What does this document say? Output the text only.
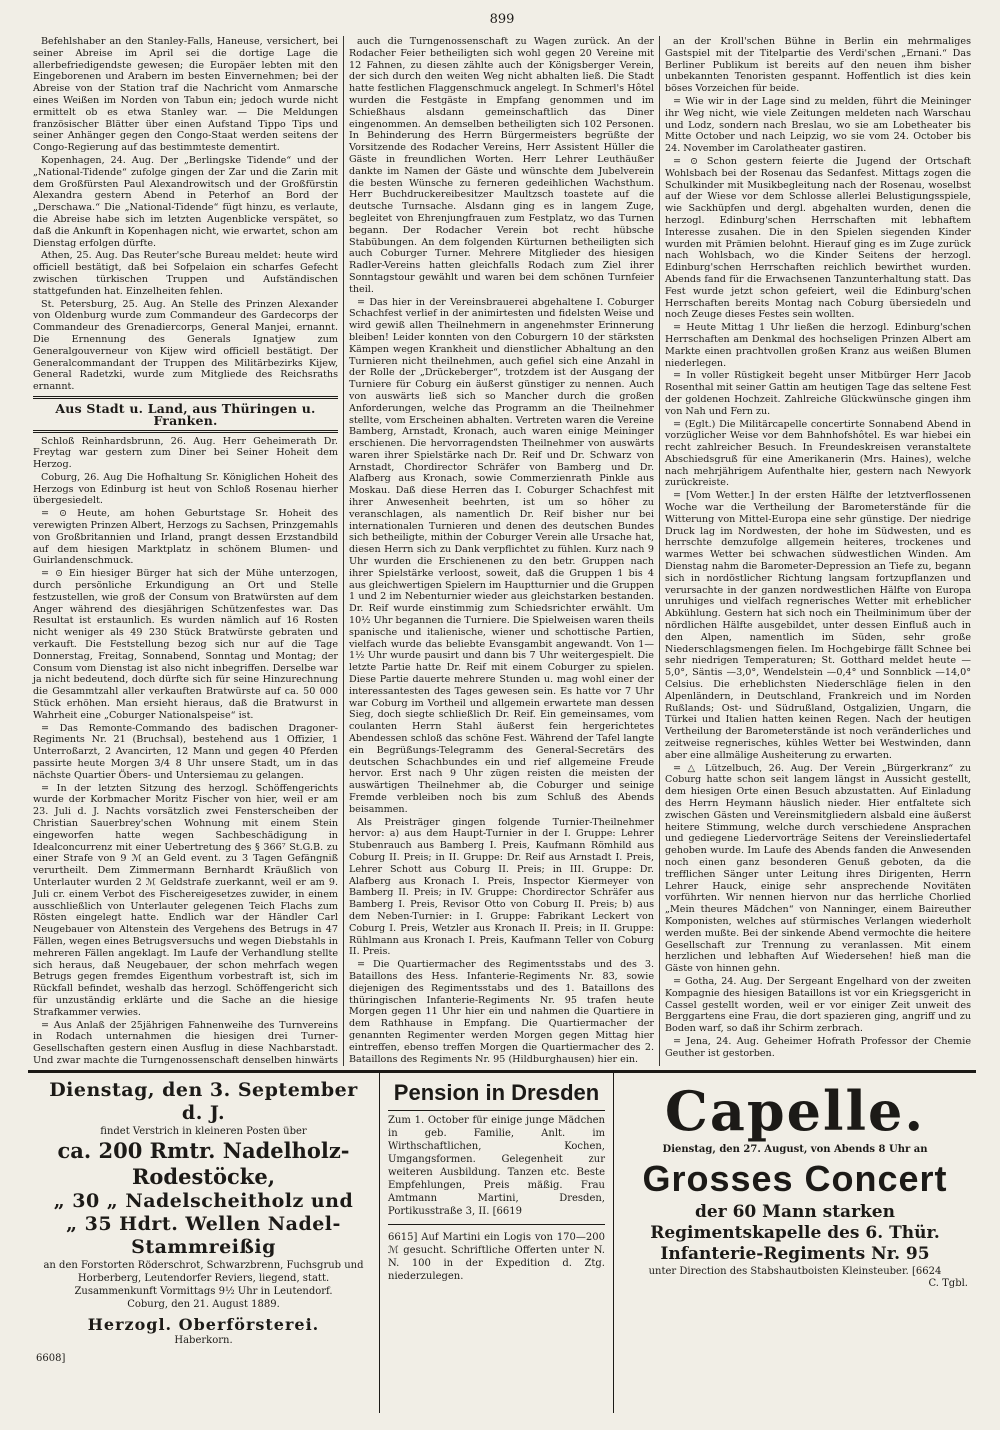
899

Befehlshaber an den Stanley-Falls, Haneuse, versichert, bei seiner Abreise im April sei die dortige Lage die allerbefriedigendste gewesen; die Europäer lebten mit den Eingeborenen und Arabern im besten Einvernehmen; bei der Abreise von der Station traf die Nachricht vom Anmarsche eines Weißen im Norden von Tabun ein; jedoch wurde nicht ermittelt ob es etwa Stanley war. — Die Meldungen französischer Blätter über einen Aufstand Tippo Tips und seiner Anhänger gegen den Congo-Staat werden seitens der Congo-Regierung auf das bestimmteste dementirt.

Kopenhagen, 24. Aug. Der „Berlingske Tidende“ und der „National-Tidende“ zufolge gingen der Zar und die Zarin mit dem Großfürsten Paul Alexandrowitsch und der Großfürstin Alexandra gestern Abend in Peterhof an Bord der „Derschawa.“ Die „National-Tidende“ fügt hinzu, es verlaute, die Abreise habe sich im letzten Augenblicke verspätet, so daß die Ankunft in Kopenhagen nicht, wie erwartet, schon am Dienstag erfolgen dürfte.

Athen, 25. Aug. Das Reuter'sche Bureau meldet: heute wird officiell bestätigt, daß bei Sofpelaion ein scharfes Gefecht zwischen türkischen Truppen und Aufständischen stattgefunden hat. Einzelheiten fehlen.

St. Petersburg, 25. Aug. An Stelle des Prinzen Alexander von Oldenburg wurde zum Commandeur des Gardecorps der Commandeur des Grenadiercorps, General Manjei, ernannt. Die Ernennung des Generals Ignatjew zum Generalgouverneur von Kijew wird officiell bestätigt. Der Generalcommandant der Truppen des Militärbezirks Kijew, General Radetzki, wurde zum Mitgliede des Reichsraths ernannt.

Aus Stadt u. Land, aus Thüringen u. Franken.

Schloß Reinhardsbrunn, 26. Aug. Herr Geheimerath Dr. Freytag war gestern zum Diner bei Seiner Hoheit dem Herzog.

Coburg, 26. Aug Die Hofhaltung Sr. Königlichen Hoheit des Herzogs von Edinburg ist heut von Schloß Rosenau hierher übergesiedelt.

= ⊙ Heute, am hohen Geburtstage Sr. Hoheit des verewigten Prinzen Albert, Herzogs zu Sachsen, Prinzgemahls von Großbritannien und Irland, prangt dessen Erzstandbild auf dem hiesigen Marktplatz in schönem Blumen- und Guirlandenschmuck.

= ⊙ Ein hiesiger Bürger hat sich der Mühe unterzogen, durch persönliche Erkundigung an Ort und Stelle festzustellen, wie groß der Consum von Bratwürsten auf dem Anger während des diesjährigen Schützenfestes war. Das Resultat ist erstaunlich. Es wurden nämlich auf 16 Rosten nicht weniger als 49 230 Stück Bratwürste gebraten und verkauft. Die Feststellung bezog sich nur auf die Tage Donnerstag, Freitag, Sonnabend, Sonntag und Montag; der Consum vom Dienstag ist also nicht inbegriffen. Derselbe war ja nicht bedeutend, doch dürfte sich für seine Hinzurechnung die Gesammtzahl aller verkauften Bratwürste auf ca. 50 000 Stück erhöhen. Man ersieht hieraus, daß die Bratwurst in Wahrheit eine „Coburger Nationalspeise“ ist.

= Das Remonte-Commando des badischen Dragoner-Regiments Nr. 21 (Bruchsal), bestehend aus 1 Offizier, 1 Unterroßarzt, 2 Avancirten, 12 Mann und gegen 40 Pferden passirte heute Morgen 3/4 8 Uhr unsere Stadt, um in das nächste Quartier Öbers- und Untersiemau zu gelangen.

= In der letzten Sitzung des herzogl. Schöffengerichts wurde der Korbmacher Moritz Fischer von hier, weil er am 23. Juli d. J. Nachts vorsätzlich zwei Fensterscheiben der Christian Sauerbrey'schen Wohnung mit einem Stein eingeworfen hatte wegen Sachbeschädigung in Idealconcurrenz mit einer Uebertretung des § 366⁷ St.G.B. zu einer Strafe von 9 ℳ an Geld event. zu 3 Tagen Gefängniß verurtheilt. Dem Zimmermann Bernhardt Kräußlich von Unterlauter wurden 2 ℳ Geldstrafe zuerkannt, weil er am 9. Juli cr. einem Verbot des Fischereigesetzes zuwider, in einem ausschließlich von Unterlauter gelegenen Teich Flachs zum Rösten eingelegt hatte. Endlich war der Händler Carl Neugebauer von Altenstein des Vergehens des Betrugs in 47 Fällen, wegen eines Betrugsversuchs und wegen Diebstahls in mehreren Fällen angeklagt. Im Laufe der Verhandlung stellte sich heraus, daß Neugebauer, der schon mehrfach wegen Betrugs gegen fremdes Eigenthum vorbestraft ist, sich im Rückfall befindet, weshalb das herzogl. Schöffengericht sich für unzuständig erklärte und die Sache an die hiesige Strafkammer verwies.

= Aus Anlaß der 25jährigen Fahnenweihe des Turnvereins in Rodach unternahmen die hiesigen drei Turner-Gesellschaften gestern einen Ausflug in diese Nachbarstadt. Und zwar machte die Turngenossenschaft denselben hinwärts

auch die Turngenossenschaft zu Wagen zurück. An der Rodacher Feier betheiligten sich wohl gegen 20 Vereine mit 12 Fahnen, zu diesen zählte auch der Königsberger Verein, der sich durch den weiten Weg nicht abhalten ließ. Die Stadt hatte festlichen Flaggenschmuck angelegt. In Schmerl's Hôtel wurden die Festgäste in Empfang genommen und im Schießhaus alsdann gemeinschaftlich das Diner eingenommen. An demselben betheiligten sich 102 Personen. In Behinderung des Herrn Bürgermeisters begrüßte der Vorsitzende des Rodacher Vereins, Herr Assistent Hüller die Gäste in freundlichen Worten. Herr Lehrer Leuthäußer dankte im Namen der Gäste und wünschte dem Jubelverein die besten Wünsche zu ferneren gedeihlichen Wachsthum. Herr Buchdruckereibesitzer Maultzsch toastete auf die deutsche Turnsache. Alsdann ging es in langem Zuge, begleitet von Ehrenjungfrauen zum Festplatz, wo das Turnen begann. Der Rodacher Verein bot recht hübsche Stabübungen. An dem folgenden Kürturnen betheiligten sich auch Coburger Turner. Mehrere Mitglieder des hiesigen Radler-Vereins hatten gleichfalls Rodach zum Ziel ihrer Sonntagstour gewählt und waren bei dem schönen Turnfeier theil.

= Das hier in der Vereinsbrauerei abgehaltene I. Coburger Schachfest verlief in der animirtesten und fidelsten Weise und wird gewiß allen Theilnehmern in angenehmster Erinnerung bleiben! Leider konnten von den Coburgern 10 der stärksten Kämpen wegen Krankheit und dienstlicher Abhaltung an den Turnieren nicht theilnehmen, auch gefiel sich eine Anzahl in der Rolle der „Drückeberger“, trotzdem ist der Ausgang der Turniere für Coburg ein äußerst günstiger zu nennen. Auch von auswärts ließ sich so Mancher durch die großen Anforderungen, welche das Programm an die Theilnehmer stellte, vom Erscheinen abhalten. Vertreten waren die Vereine Bamberg, Arnstadt, Kronach, auch waren einige Meininger erschienen. Die hervorragendsten Theilnehmer von auswärts waren ihrer Spielstärke nach Dr. Reif und Dr. Schwarz von Arnstadt, Chordirector Schräfer von Bamberg und Dr. Alafberg aus Kronach, sowie Commerzienrath Pinkle aus Moskau. Daß diese Herren das I. Coburger Schachfest mit ihrer Anwesenheit beehrten, ist um so höher zu veranschlagen, als namentlich Dr. Reif bisher nur bei internationalen Turnieren und denen des deutschen Bundes sich betheiligte, mithin der Coburger Verein alle Ursache hat, diesen Herrn sich zu Dank verpflichtet zu fühlen. Kurz nach 9 Uhr wurden die Erschienenen zu den betr. Gruppen nach ihrer Spielstärke verloost, soweit, daß die Gruppen 1 bis 4 aus gleichwertigen Spielern im Hauptturnier und die Gruppen 1 und 2 im Nebenturnier wieder aus gleichstarken bestanden. Dr. Reif wurde einstimmig zum Schiedsrichter erwählt. Um 10½ Uhr begannen die Turniere. Die Spielweisen waren theils spanische und italienische, wiener und schottische Partien, vielfach wurde das beliebte Evansgambit angewandt. Von 1—1½ Uhr wurde pausirt und dann bis 7 Uhr weitergespielt. Die letzte Partie hatte Dr. Reif mit einem Coburger zu spielen. Diese Partie dauerte mehrere Stunden u. mag wohl einer der interessantesten des Tages gewesen sein. Es hatte vor 7 Uhr war Coburg im Vortheil und allgemein erwartete man dessen Sieg, doch siegte schließlich Dr. Reif. Ein gemeinsames, vom coulanten Herrn Stahl äußerst fein hergerichtetes Abendessen schloß das schöne Fest. Während der Tafel langte ein Begrüßungs-Telegramm des General-Secretärs des deutschen Schachbundes ein und rief allgemeine Freude hervor. Erst nach 9 Uhr zügen reisten die meisten der auswärtigen Theilnehmer ab, die Coburger und seinige Fremde verbleiben noch bis zum Schluß des Abends beisammen.

Als Preisträger gingen folgende Turnier-Theilnehmer hervor: a) aus dem Haupt-Turnier in der I. Gruppe: Lehrer Stubenrauch aus Bamberg I. Preis, Kaufmann Römhild aus Coburg II. Preis; in II. Gruppe: Dr. Reif aus Arnstadt I. Preis, Lehrer Schott aus Coburg II. Preis; in III. Gruppe: Dr. Alafberg aus Kronach I. Preis, Inspector Kiermeyer von Bamberg II. Preis; in IV. Gruppe: Chordirector Schräfer aus Bamberg I. Preis, Revisor Otto von Coburg II. Preis; b) aus dem Neben-Turnier: in I. Gruppe: Fabrikant Leckert von Coburg I. Preis, Wetzler aus Kronach II. Preis; in II. Gruppe: Rühlmann aus Kronach I. Preis, Kaufmann Teller von Coburg II. Preis.

= Die Quartiermacher des Regimentsstabs und des 3. Bataillons des Hess. Infanterie-Regiments Nr. 83, sowie diejenigen des Regimentsstabs und des 1. Bataillons des thüringischen Infanterie-Regiments Nr. 95 trafen heute Morgen gegen 11 Uhr hier ein und nahmen die Quartiere in dem Rathhause in Empfang. Die Quartiermacher der genannten Regimenter werden Morgen gegen Mittag hier eintreffen, ebenso treffen Morgen die Quartiermacher des 2. Bataillons des Regiments Nr. 95 (Hildburghausen) hier ein.

an der Kroll'schen Bühne in Berlin ein mehrmaliges Gastspiel mit der Titelpartie des Verdi'schen „Ernani.“ Das Berliner Publikum ist bereits auf den neuen ihm bisher unbekannten Tenoristen gespannt. Hoffentlich ist dies kein böses Vorzeichen für beide.

= Wie wir in der Lage sind zu melden, führt die Meininger ihr Weg nicht, wie viele Zeitungen meldeten nach Warschau und Lodz, sondern nach Breslau, wo sie am Lobetheater bis Mitte October und nach Leipzig, wo sie vom 24. October bis 24. November im Carolatheater gastiren.

= ⊙ Schon gestern feierte die Jugend der Ortschaft Wohlsbach bei der Rosenau das Sedanfest. Mittags zogen die Schulkinder mit Musikbegleitung nach der Rosenau, woselbst auf der Wiese vor dem Schlosse allerlei Belustigungsspiele, wie Sackhüpfen und dergl. abgehalten wurden, denen die herzogl. Edinburg'schen Herrschaften mit lebhaftem Interesse zusahen. Die in den Spielen siegenden Kinder wurden mit Prämien belohnt. Hierauf ging es im Zuge zurück nach Wohlsbach, wo die Kinder Seitens der herzogl. Edinburg'schen Herrschaften reichlich bewirthet wurden. Abends fand für die Erwachsenen Tanzunterhaltung statt. Das Fest wurde jetzt schon gefeiert, weil die Edinburg'schen Herrschaften bereits Montag nach Coburg übersiedeln und noch Zeuge dieses Festes sein wollten.

= Heute Mittag 1 Uhr ließen die herzogl. Edinburg'schen Herrschaften am Denkmal des hochseligen Prinzen Albert am Markte einen prachtvollen großen Kranz aus weißen Blumen niederlegen.

= In voller Rüstigkeit begeht unser Mitbürger Herr Jacob Rosenthal mit seiner Gattin am heutigen Tage das seltene Fest der goldenen Hochzeit. Zahlreiche Glückwünsche gingen ihm von Nah und Fern zu.

= (Eglt.) Die Militärcapelle concertirte Sonnabend Abend in vorzüglicher Weise vor dem Bahnhofshôtel. Es war hiebei ein recht zahlreicher Besuch. In Freundeskreisen veranstaltete Abschiedsgruß für eine Amerikanerin (Mrs. Haines), welche nach mehrjährigem Aufenthalte hier, gestern nach Newyork zurückreiste.

= [Vom Wetter.] In der ersten Hälfte der letztverflossenen Woche war die Vertheilung der Barometerstände für die Witterung von Mittel-Europa eine sehr günstige. Der niedrige Druck lag im Nordwesten, der hohe im Südwesten, und es herrschte demzufolge allgemein heiteres, trockenes und warmes Wetter bei schwachen südwestlichen Winden. Am Dienstag nahm die Barometer-Depression an Tiefe zu, begann sich in nordöstlicher Richtung langsam fortzupflanzen und verursachte in der ganzen nordwestlichen Hälfte von Europa unruhiges und vielfach regnerisches Wetter mit erheblicher Abkühlung. Gestern hat sich noch ein Theilminimum über der nördlichen Hälfte ausgebildet, unter dessen Einfluß auch in den Alpen, namentlich im Süden, sehr große Niederschlagsmengen fielen. Im Hochgebirge fällt Schnee bei sehr niedrigen Temperaturen; St. Gotthard meldet heute —5,0°, Säntis —3,0°, Wendelstein —0,4° und Sonnblick —14,0° Celsius. Die erheblichsten Niederschläge fielen in den Alpenländern, in Deutschland, Frankreich und im Norden Rußlands; Ost- und Südrußland, Ostgalizien, Ungarn, die Türkei und Italien hatten keinen Regen. Nach der heutigen Vertheilung der Barometerstände ist noch veränderliches und zeitweise regnerisches, kühles Wetter bei Westwinden, dann aber eine allmälige Ausheiterung zu erwarten.

= △ Lützelbuch, 26. Aug. Der Verein „Bürgerkranz“ zu Coburg hatte schon seit langem längst in Aussicht gestellt, dem hiesigen Orte einen Besuch abzustatten. Auf Einladung des Herrn Heymann häuslich nieder. Hier entfaltete sich zwischen Gästen und Vereinsmitgliedern alsbald eine äußerst heitere Stimmung, welche durch verschiedene Ansprachen und gediegene Liedervorträge Seitens der Vereinsliedertafel gehoben wurde. Im Laufe des Abends fanden die Anwesenden noch einen ganz besonderen Genuß geboten, da die trefflichen Sänger unter Leitung ihres Dirigenten, Herrn Lehrer Hauck, einige sehr ansprechende Novitäten vorführten. Wir nennen hiervon nur das herrliche Chorlied „Mein theures Mädchen“ von Nanninger, einem Baireuther Komponisten, welches auf stürmisches Verlangen wiederholt werden mußte. Bei der sinkende Abend vermochte die heitere Gesellschaft zur Trennung zu veranlassen. Mit einem herzlichen und lebhaften Auf Wiedersehen! hieß man die Gäste von hinnen gehn.

= Gotha, 24. Aug. Der Sergeant Engelhard von der zweiten Kompagnie des hiesigen Bataillons ist vor ein Kriegsgericht in Cassel gestellt worden, weil er vor einiger Zeit unweit des Berggartens eine Frau, die dort spazieren ging, angriff und zu Boden warf, so daß ihr Schirm zerbrach.

= Jena, 24. Aug. Geheimer Hofrath Professor der Chemie Geuther ist gestorben.

Dienstag, den 3. September d. J.
findet Verstrich in kleineren Posten über
ca. 200 Rmtr. Nadelholz-Rodestöcke,
„ 30 „ Nadelscheitholz und
„ 35 Hdrt. Wellen Nadel-Stammreißig
an den Forstorten Röderschrot, Schwarzbrenn, Fuchsgrub und Horberberg, Leutendorfer Reviers, liegend, statt.
Zusammenkunft Vormittags 9½ Uhr in Leutendorf.
Coburg, den 21. August 1889.
Herzogl. Oberförsterei.
Haberkorn.
6608]
Pension in Dresden
Zum 1. October für einige junge Mädchen in geb. Familie, Anlt. im Wirthschaftlichen, Kochen, Umgangsformen. Gelegenheit zur weiteren Ausbildung. Tanzen etc. Beste Empfehlungen, Preis mäßig. Frau Amtmann Martini, Dresden, Portikusstraße 3, II. [6619
6615] Auf Martini ein Logis von 170—200 ℳ gesucht. Schriftliche Offerten unter N. N. 100 in der Expedition d. Ztg. niederzulegen.
Capelle.
Dienstag, den 27. August, von Abends 8 Uhr an
Grosses Concert
der 60 Mann starken Regimentskapelle des 6. Thür.
Infanterie-Regiments Nr. 95
unter Direction des Stabshautboisten Kleinsteuber. [6624
C. Tgbl.
